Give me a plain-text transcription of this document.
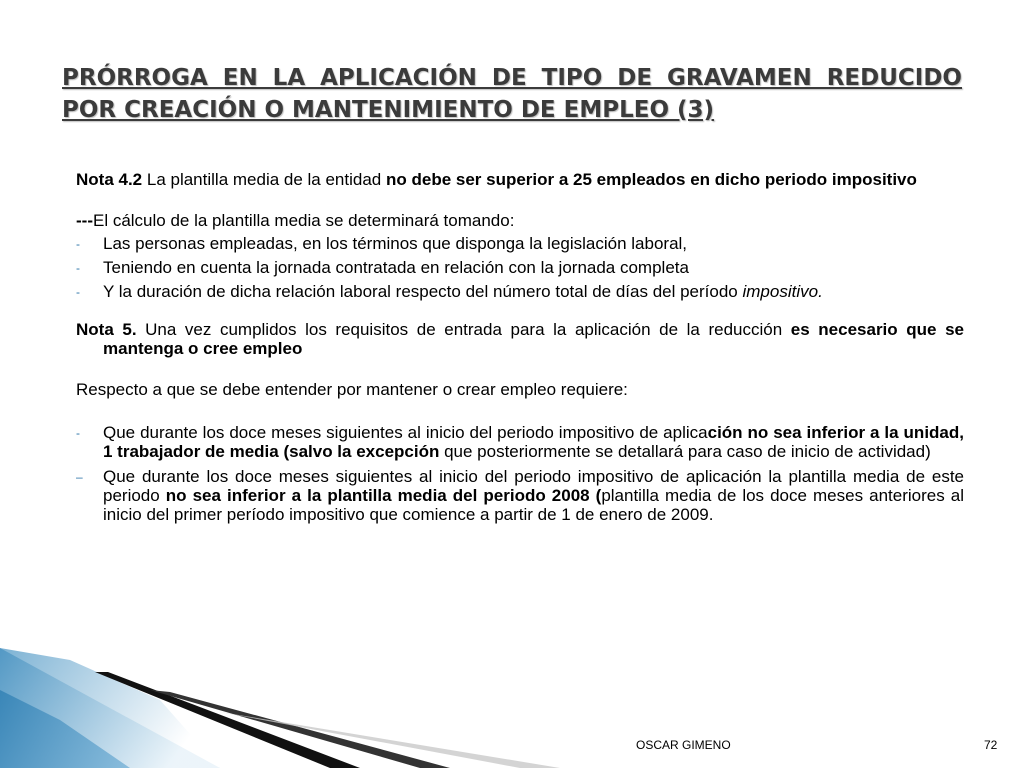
PRÓRROGA EN LA APLICACIÓN DE TIPO DE GRAVAMEN REDUCIDO POR CREACIÓN O MANTENIMIENTO DE EMPLEO (3)

Nota 4.2 La plantilla media de la entidad no debe ser superior a 25 empleados en dicho periodo impositivo

---El cálculo de la plantilla media se determinará tomando:
- Las personas empleadas, en los términos que disponga la legislación laboral,
- Teniendo en cuenta la jornada contratada en relación con la jornada completa
- Y la duración de dicha relación laboral respecto del número total de días del período impositivo.

Nota 5. Una vez cumplidos los requisitos de entrada para la aplicación de la reducción es necesario que se mantenga o cree empleo

Respecto a que se debe entender por mantener o crear empleo requiere:

- Que durante los doce meses siguientes al inicio del periodo impositivo de aplicación no sea inferior a la unidad, 1 trabajador de media (salvo la excepción que posteriormente se detallará para caso de inicio de actividad)
– Que durante los doce meses siguientes al inicio del periodo impositivo de aplicación la plantilla media de este periodo no sea inferior a la plantilla media del periodo 2008 (plantilla media de los doce meses anteriores al inicio del primer período impositivo que comience a partir de 1 de enero de 2009.
OSCAR GIMENO	72
